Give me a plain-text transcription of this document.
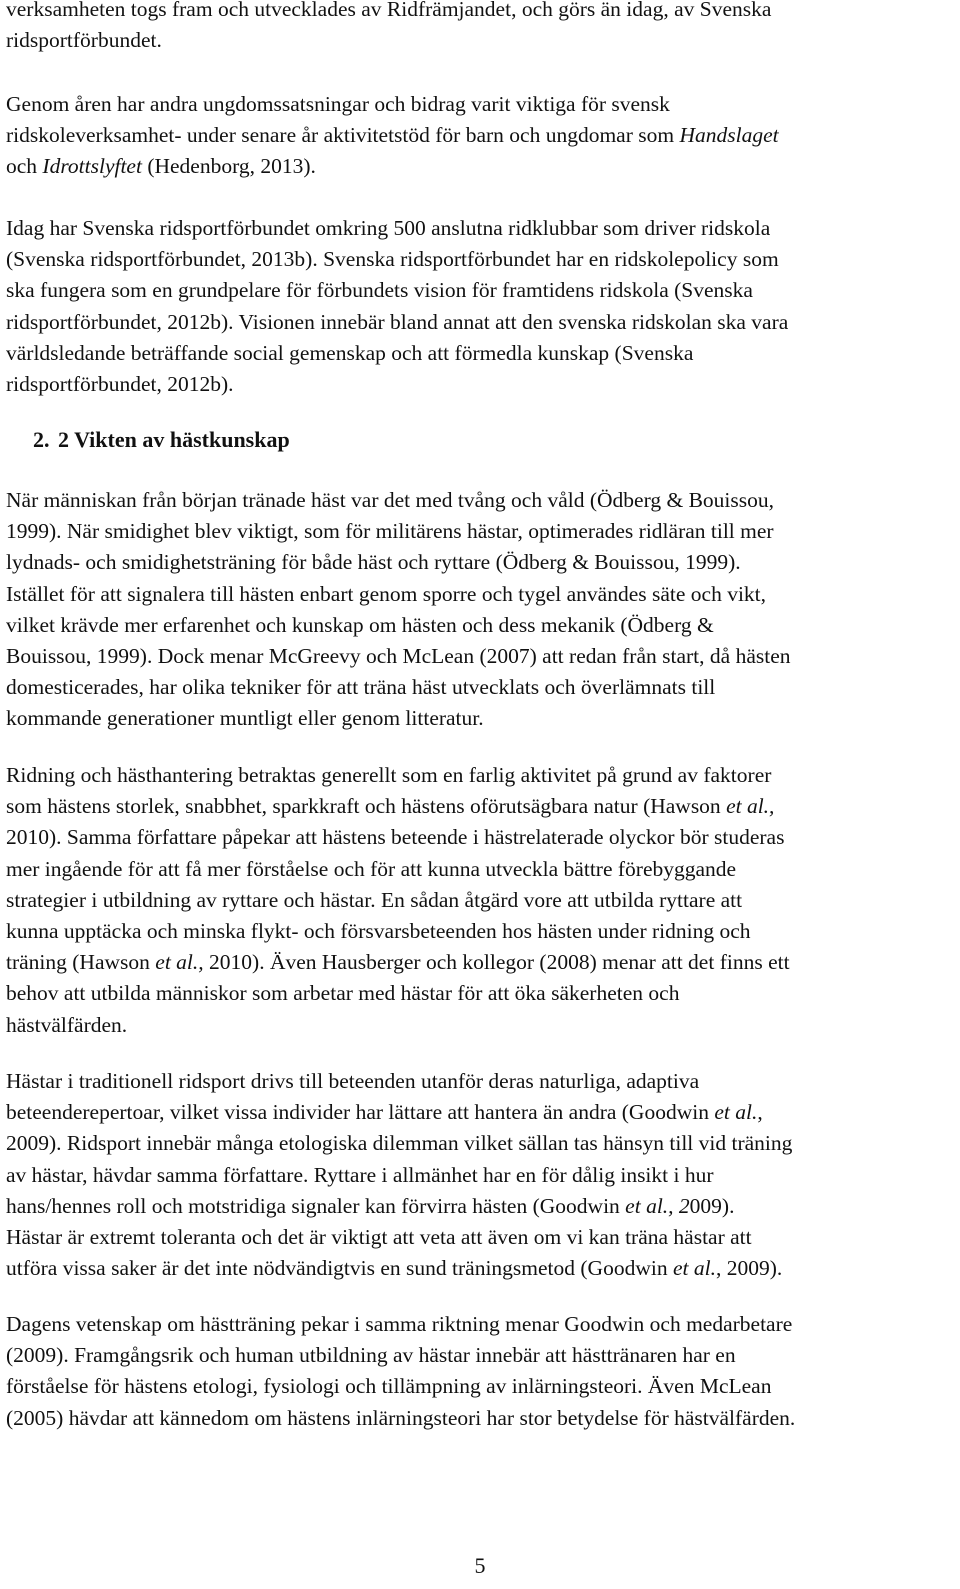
verksamheten togs fram och utvecklades av Ridfrämjandet, och görs än idag, av Svenska
ridsportförbundet.
Genom åren har andra ungdomssatsningar och bidrag varit viktiga för svensk
ridskoleverksamhet- under senare år aktivitetstöd för barn och ungdomar som Handslaget
och Idrottslyftet (Hedenborg, 2013).
Idag har Svenska ridsportförbundet omkring 500 anslutna ridklubbar som driver ridskola
(Svenska ridsportförbundet, 2013b). Svenska ridsportförbundet har en ridskolepolicy som
ska fungera som en grundpelare för förbundets vision för framtidens ridskola (Svenska
ridsportförbundet, 2012b). Visionen innebär bland annat att den svenska ridskolan ska vara
världsledande beträffande social gemenskap och att förmedla kunskap (Svenska
ridsportförbundet, 2012b).
2. 2 Vikten av hästkunskap
När människan från början tränade häst var det med tvång och våld (Ödberg & Bouissou,
1999). När smidighet blev viktigt, som för militärens hästar, optimerades ridläran till mer
lydnads- och smidighetsträning för både häst och ryttare (Ödberg & Bouissou, 1999).
Istället för att signalera till hästen enbart genom sporre och tygel användes säte och vikt,
vilket krävde mer erfarenhet och kunskap om hästen och dess mekanik (Ödberg &
Bouissou, 1999). Dock menar McGreevy och McLean (2007) att redan från start, då hästen
domesticerades, har olika tekniker för att träna häst utvecklats och överlämnats till
kommande generationer muntligt eller genom litteratur.
Ridning och hästhantering betraktas generellt som en farlig aktivitet på grund av faktorer
som hästens storlek, snabbhet, sparkkraft och hästens oförutsägbara natur (Hawson et al.,
2010). Samma författare påpekar att hästens beteende i hästrelaterade olyckor bör studeras
mer ingående för att få mer förståelse och för att kunna utveckla bättre förebyggande
strategier i utbildning av ryttare och hästar. En sådan åtgärd vore att utbilda ryttare att
kunna upptäcka och minska flykt- och försvarsbeteenden hos hästen under ridning och
träning (Hawson et al., 2010). Även Hausberger och kollegor (2008) menar att det finns ett
behov att utbilda människor som arbetar med hästar för att öka säkerheten och
hästvälfärden.
Hästar i traditionell ridsport drivs till beteenden utanför deras naturliga, adaptiva
beteenderepertoar, vilket vissa individer har lättare att hantera än andra (Goodwin et al.,
2009). Ridsport innebär många etologiska dilemman vilket sällan tas hänsyn till vid träning
av hästar, hävdar samma författare. Ryttare i allmänhet har en för dålig insikt i hur
hans/hennes roll och motstridiga signaler kan förvirra hästen (Goodwin et al., 2009).
Hästar är extremt toleranta och det är viktigt att veta att även om vi kan träna hästar att
utföra vissa saker är det inte nödvändigtvis en sund träningsmetod (Goodwin et al., 2009).
Dagens vetenskap om hästträning pekar i samma riktning menar Goodwin och medarbetare
(2009). Framgångsrik och human utbildning av hästar innebär att hästtränaren har en
förståelse för hästens etologi, fysiologi och tillämpning av inlärningsteori. Även McLean
(2005) hävdar att kännedom om hästens inlärningsteori har stor betydelse för hästvälfärden.
5
